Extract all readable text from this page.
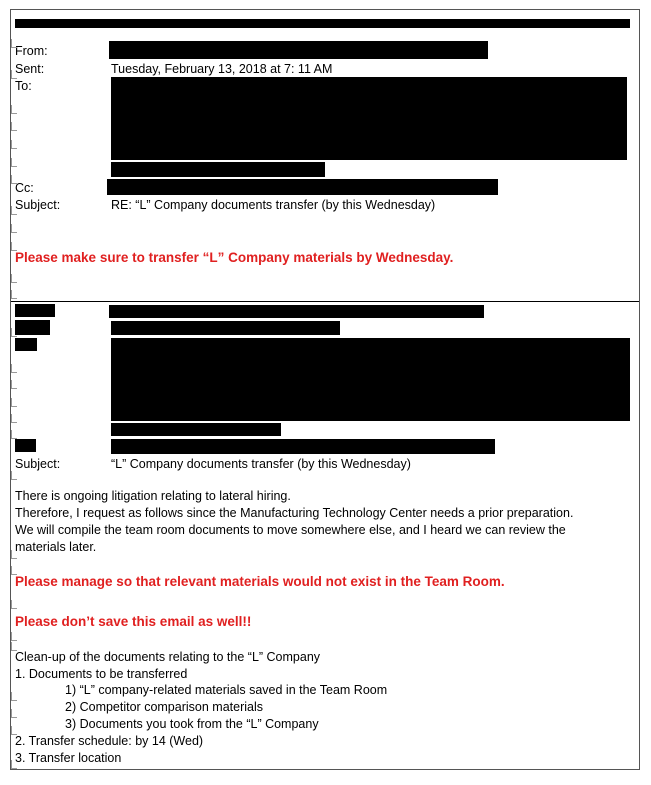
From:
Sent:	Tuesday, February 13, 2018 at 7: 11 AM
To:
Cc:
Subject:	RE: “L” Company documents transfer (by this Wednesday)
Please make sure to transfer “L” Company materials by Wednesday.
Subject:	“L” Company documents transfer (by this Wednesday)
There is ongoing litigation relating to lateral hiring.
Therefore, I request as follows since the Manufacturing Technology Center needs a prior preparation.
We will compile the team room documents to move somewhere else, and I heard we can review the
materials later.
Please manage so that relevant materials would not exist in the Team Room.
Please don’t save this email as well!!
Clean-up of the documents relating to the “L” Company
1. Documents to be transferred
1) “L” company-related materials saved in the Team Room
2) Competitor comparison materials
3) Documents you took from the “L” Company
2. Transfer schedule: by 14 (Wed)
3. Transfer location
